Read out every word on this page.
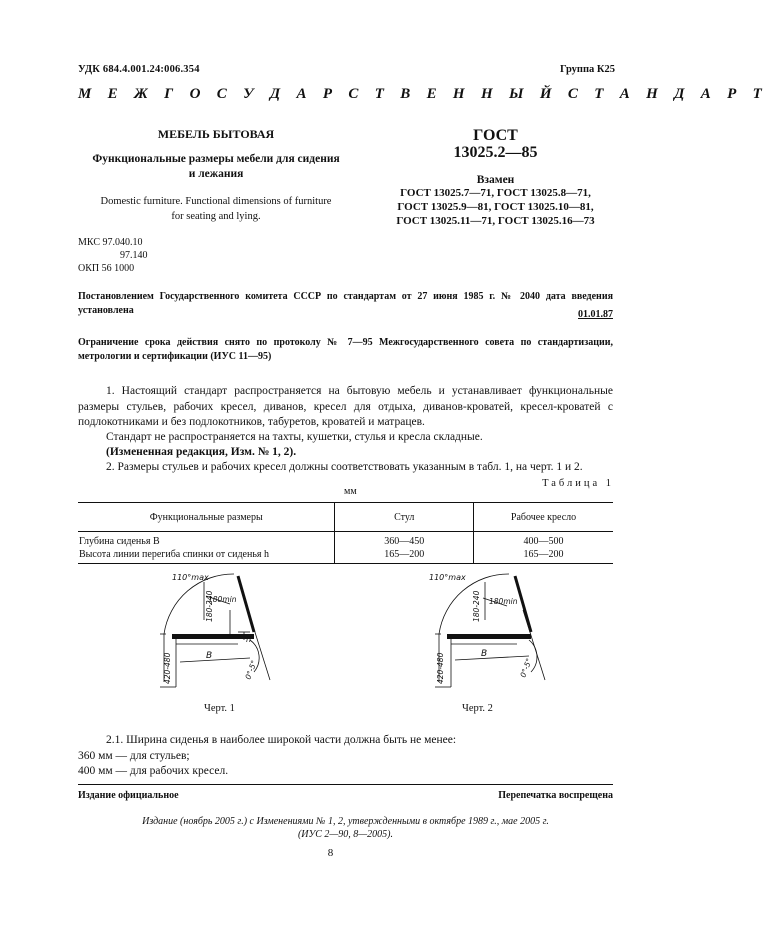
УДК 684.4.001.24:006.354	Группа К25
М Е Ж Г О С У Д А Р С Т В Е Н Н Ы Й С Т А Н Д А Р Т
МЕБЕЛЬ БЫТОВАЯ
Функциональные размеры мебели для сидения
и лежания
Domestic furniture. Functional dimensions of furniture
for seating and lying.
МКС 97.040.10
97.140
ОКП 56 1000
ГОСТ
13025.2—85
Взамен
ГОСТ 13025.7—71, ГОСТ 13025.8—71,
ГОСТ 13025.9—81, ГОСТ 13025.10—81,
ГОСТ 13025.11—71, ГОСТ 13025.16—73
Постановлением Государственного комитета СССР по стандартам от 27 июня 1985 г. № 2040 дата введения установлена	01.01.87
Ограничение срока действия снято по протоколу № 7—95 Межгосударственного совета по стандартизации, метрологии и сертификации (ИУС 11—95)
1. Настоящий стандарт распространяется на бытовую мебель и устанавливает функциональные размеры стульев, рабочих кресел, диванов, кресел для отдыха, диванов-кроватей, кресел-кроватей с подлокотниками и без подлокотников, табуретов, кроватей и матрацев.
Стандарт не распространяется на тахты, кушетки, стулья и кресла складные.
(Измененная редакция, Изм. № 1, 2).
2. Размеры стульев и рабочих кресел должны соответствовать указанным в табл. 1, на черт. 1 и 2.
Таблица 1
мм
Функциональные размеры	Стул	Рабочее кресло
Глубина сиденья B	360—450	400—500
Высота линии перегиба спинки от сиденья h	165—200	165—200
110°max
180-240
180min
420-480	B
h
0°-5°
110°max
180-240 180min
420-480	B
0°-5°
Черт. 1	Черт. 2
2.1. Ширина сиденья в наиболее широкой части должна быть не менее:
360 мм — для стульев;
400 мм — для рабочих кресел.
Издание официальное	Перепечатка воспрещена
Издание (ноябрь 2005 г.) с Изменениями № 1, 2, утвержденными в октябре 1989 г., мае 2005 г.
(ИУС 2—90, 8—2005).
8
